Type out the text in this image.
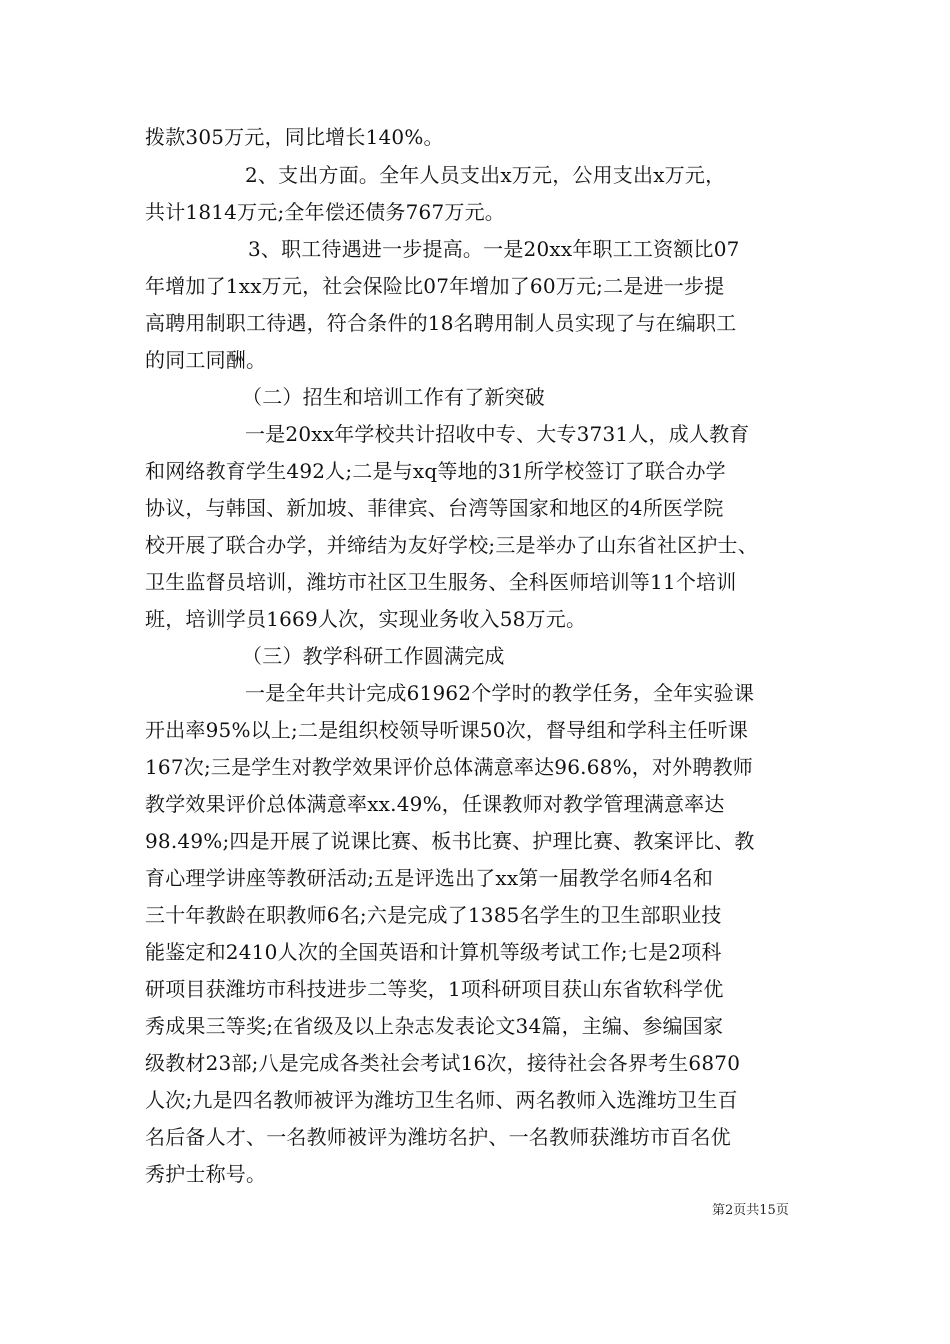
拨款305万元，同比增长140%。
2、支出方面。全年人员支出x万元，公用支出x万元，
共计1814万元;全年偿还债务767万元。
3、职工待遇进一步提高。一是20xx年职工工资额比07
年增加了1xx万元，社会保险比07年增加了60万元;二是进一步提
高聘用制职工待遇，符合条件的18名聘用制人员实现了与在编职工
的同工同酬。
（二）招生和培训工作有了新突破
一是20xx年学校共计招收中专、大专3731人，成人教育
和网络教育学生492人;二是与xq等地的31所学校签订了联合办学
协议，与韩国、新加坡、菲律宾、台湾等国家和地区的4所医学院
校开展了联合办学，并缔结为友好学校;三是举办了山东省社区护士、
卫生监督员培训，潍坊市社区卫生服务、全科医师培训等11个培训
班，培训学员1669人次，实现业务收入58万元。
（三）教学科研工作圆满完成
一是全年共计完成61962个学时的教学任务，全年实验课
开出率95%以上;二是组织校领导听课50次，督导组和学科主任听课
167次;三是学生对教学效果评价总体满意率达96.68%，对外聘教师
教学效果评价总体满意率xx.49%，任课教师对教学管理满意率达
98.49%;四是开展了说课比赛、板书比赛、护理比赛、教案评比、教
育心理学讲座等教研活动;五是评选出了xx第一届教学名师4名和
三十年教龄在职教师6名;六是完成了1385名学生的卫生部职业技
能鉴定和2410人次的全国英语和计算机等级考试工作;七是2项科
研项目获潍坊市科技进步二等奖，1项科研项目获山东省软科学优
秀成果三等奖;在省级及以上杂志发表论文34篇，主编、参编国家
级教材23部;八是完成各类社会考试16次，接待社会各界考生6870
人次;九是四名教师被评为潍坊卫生名师、两名教师入选潍坊卫生百
名后备人才、一名教师被评为潍坊名护、一名教师获潍坊市百名优
秀护士称号。
第2页共15页
